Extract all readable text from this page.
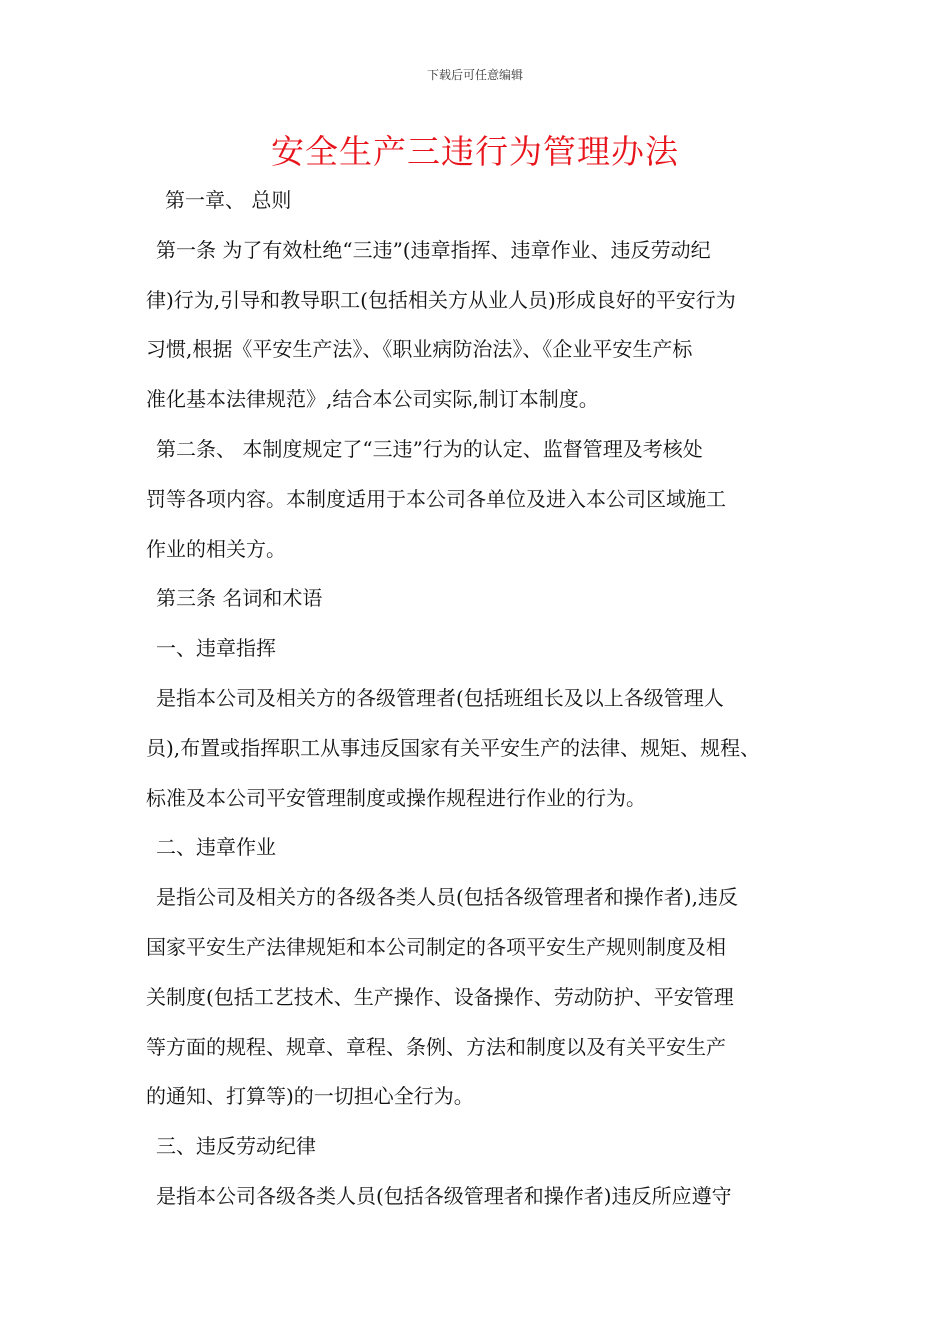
下载后可任意编辑
安全生产三违行为管理办法
第一章、 总则
第一条 为了有效杜绝“三违”(违章指挥、违章作业、违反劳动纪
律)行为,引导和教导职工(包括相关方从业人员)形成良好的平安行为
习惯,根据《平安生产法》、《职业病防治法》、《企业平安生产标
准化基本法律规范》,结合本公司实际,制订本制度。
第二条、 本制度规定了“三违”行为的认定、监督管理及考核处
罚等各项内容。本制度适用于本公司各单位及进入本公司区域施工
作业的相关方。
第三条 名词和术语
一、违章指挥
是指本公司及相关方的各级管理者(包括班组长及以上各级管理人
员),布置或指挥职工从事违反国家有关平安生产的法律、规矩、规程、
标准及本公司平安管理制度或操作规程进行作业的行为。
二、违章作业
是指公司及相关方的各级各类人员(包括各级管理者和操作者),违反
国家平安生产法律规矩和本公司制定的各项平安生产规则制度及相
关制度(包括工艺技术、生产操作、设备操作、劳动防护、平安管理
等方面的规程、规章、章程、条例、方法和制度以及有关平安生产
的通知、打算等)的一切担心全行为。
三、违反劳动纪律
是指本公司各级各类人员(包括各级管理者和操作者)违反所应遵守
